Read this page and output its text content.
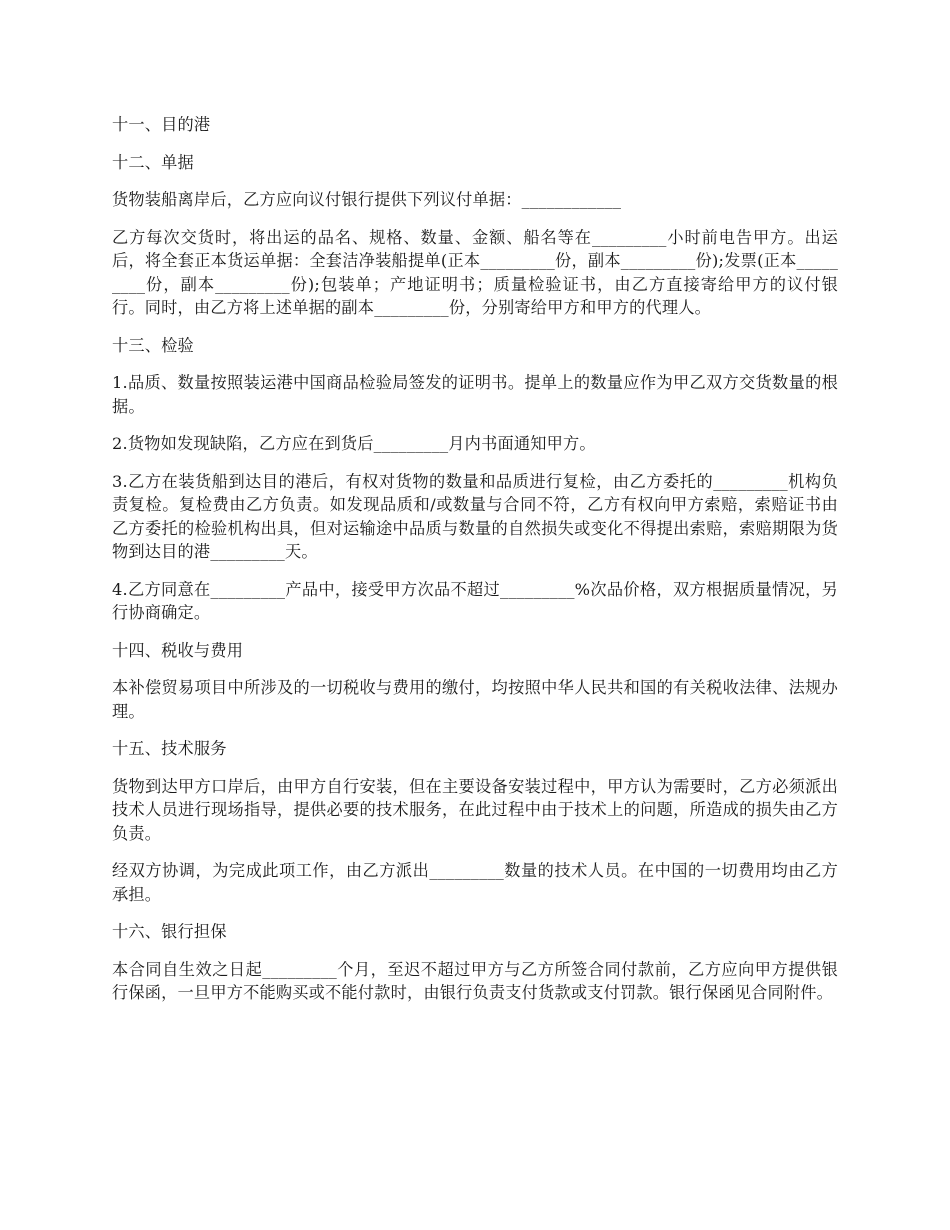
十一、目的港

十二、单据

货物装船离岸后，乙方应向议付银行提供下列议付单据：____________

乙方每次交货时，将出运的品名、规格、数量、金额、船名等在_________小时前电告甲方。出运后，将全套正本货运单据：全套洁净装船提单(正本_________份，副本_________份);发票(正本_________份，副本_________份);包装单；产地证明书；质量检验证书，由乙方直接寄给甲方的议付银行。同时，由乙方将上述单据的副本_________份，分别寄给甲方和甲方的代理人。

十三、检验

1.品质、数量按照装运港中国商品检验局签发的证明书。提单上的数量应作为甲乙双方交货数量的根据。

2.货物如发现缺陷，乙方应在到货后_________月内书面通知甲方。

3.乙方在装货船到达目的港后，有权对货物的数量和品质进行复检，由乙方委托的_________机构负责复检。复检费由乙方负责。如发现品质和/或数量与合同不符，乙方有权向甲方索赔，索赔证书由乙方委托的检验机构出具，但对运输途中品质与数量的自然损失或变化不得提出索赔，索赔期限为货物到达目的港_________天。

4.乙方同意在_________产品中，接受甲方次品不超过_________%次品价格，双方根据质量情况，另行协商确定。

十四、税收与费用

本补偿贸易项目中所涉及的一切税收与费用的缴付，均按照中华人民共和国的有关税收法律、法规办理。

十五、技术服务

货物到达甲方口岸后，由甲方自行安装，但在主要设备安装过程中，甲方认为需要时，乙方必须派出技术人员进行现场指导，提供必要的技术服务，在此过程中由于技术上的问题，所造成的损失由乙方负责。

经双方协调，为完成此项工作，由乙方派出_________数量的技术人员。在中国的一切费用均由乙方承担。

十六、银行担保

本合同自生效之日起_________个月，至迟不超过甲方与乙方所签合同付款前，乙方应向甲方提供银行保函，一旦甲方不能购买或不能付款时，由银行负责支付货款或支付罚款。银行保函见合同附件。
